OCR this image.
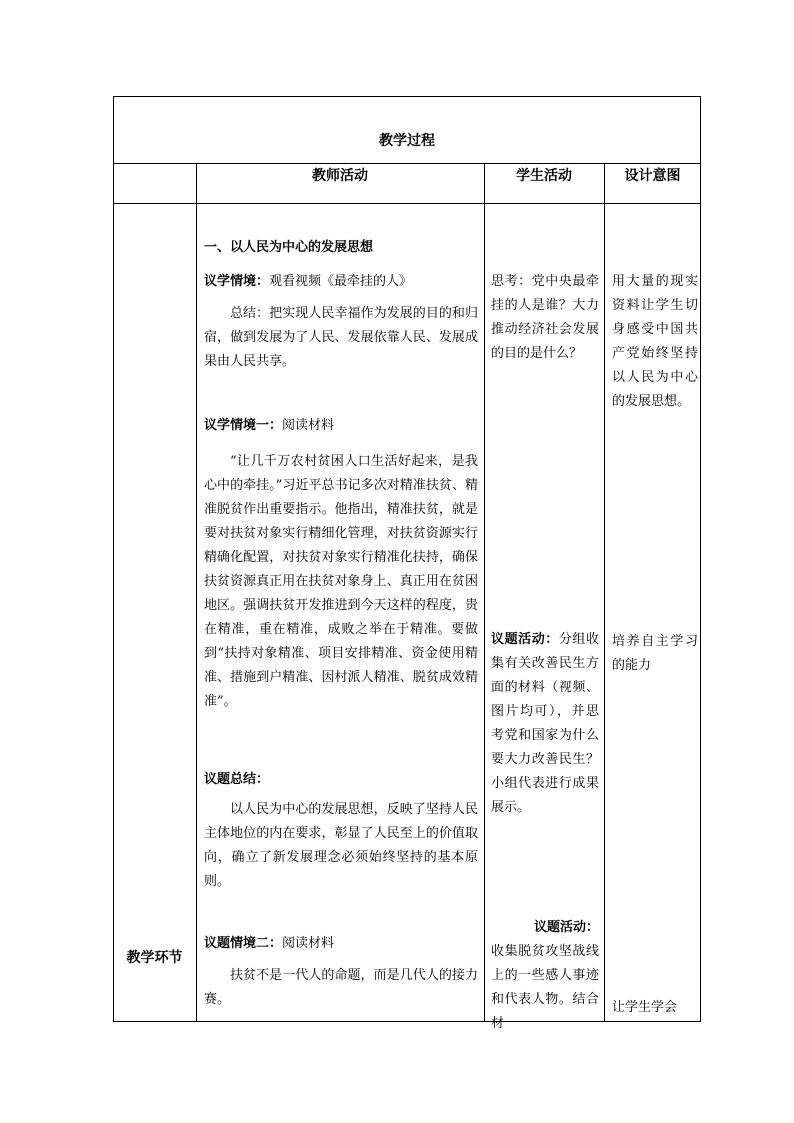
教学过程
教师活动	学生活动	设计意图
教学环节
一、以人民为中心的发展思想
议学情境：观看视频《最牵挂的人》
总结：把实现人民幸福作为发展的目的和归宿，做到发展为了人民、发展依靠人民、发展成果由人民共享。
议学情境一：阅读材料
“让几千万农村贫困人口生活好起来，是我心中的牵挂。”习近平总书记多次对精准扶贫、精准脱贫作出重要指示。他指出，精准扶贫，就是要对扶贫对象实行精细化管理，对扶贫资源实行精确化配置，对扶贫对象实行精准化扶持，确保扶贫资源真正用在扶贫对象身上、真正用在贫困地区。强调扶贫开发推进到今天这样的程度，贵在精准，重在精准，成败之举在于精准。要做到“扶持对象精准、项目安排精准、资金使用精准、措施到户精准、因村派人精准、脱贫成效精准”。
议题总结：
以人民为中心的发展思想，反映了坚持人民主体地位的内在要求，彰显了人民至上的价值取向，确立了新发展理念必须始终坚持的基本原则。
议题情境二：阅读材料
扶贫不是一代人的命题，而是几代人的接力赛。
思考：党中央最牵挂的人是谁？大力推动经济社会发展的目的是什么？
议题活动：分组收集有关改善民生方面的材料（视频、图片均可），并思考党和国家为什么要大力改善民生？小组代表进行成果展示。
议题活动：
收集脱贫攻坚战线上的一些感人事迹和代表人物。结合材
用大量的现实资料让学生切身感受中国共产党始终坚持以人民为中心的发展思想。
培养自主学习的能力
让学生学会
